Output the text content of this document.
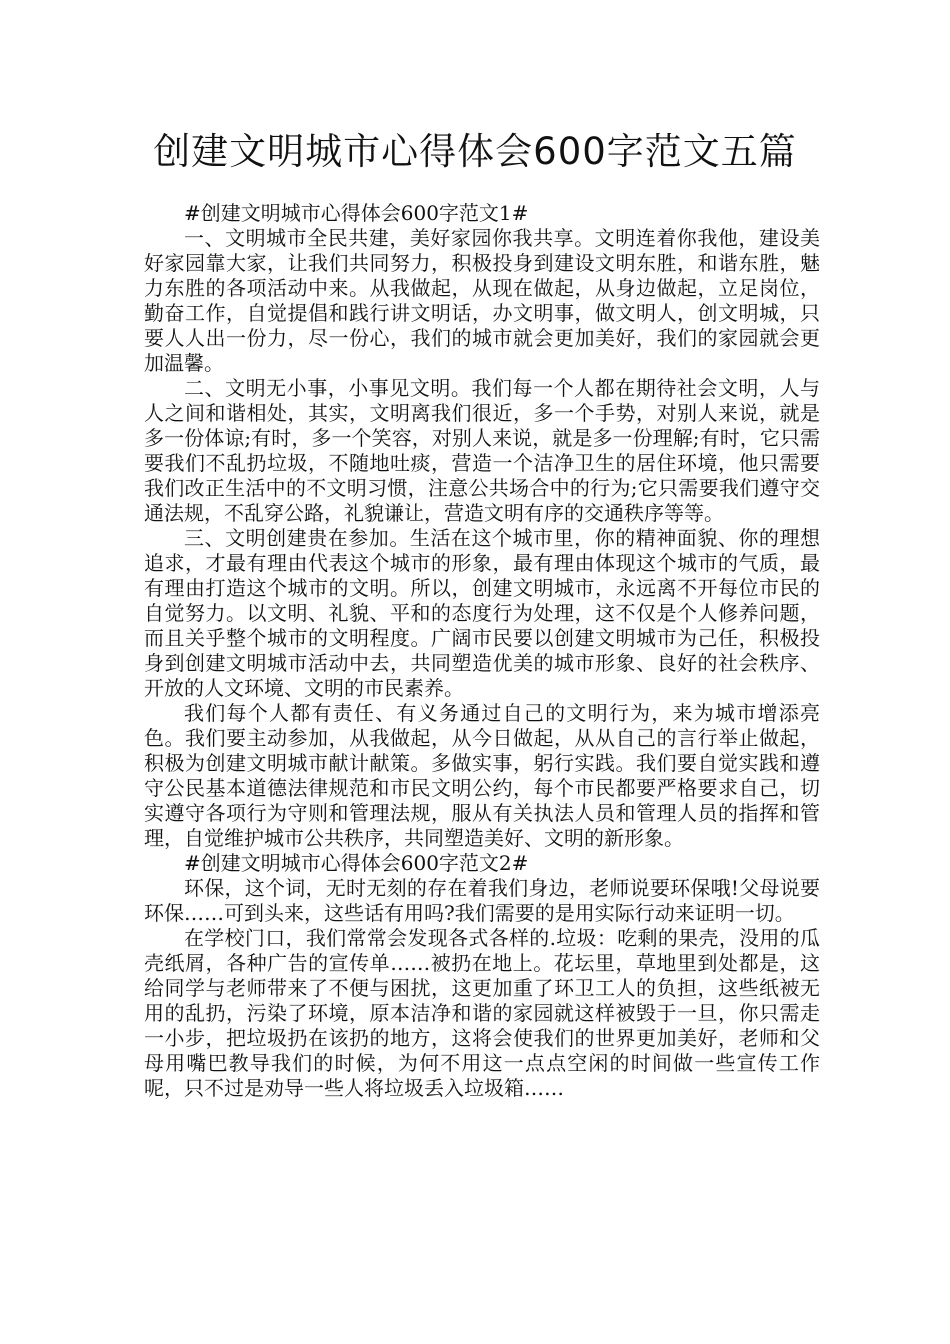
创建文明城市心得体会600字范文五篇

#创建文明城市心得体会600字范文1#

一、文明城市全民共建，美好家园你我共享。文明连着你我他，建设美好家园靠大家，让我们共同努力，积极投身到建设文明东胜，和谐东胜，魅力东胜的各项活动中来。从我做起，从现在做起，从身边做起，立足岗位，勤奋工作，自觉提倡和践行讲文明话，办文明事，做文明人，创文明城，只要人人出一份力，尽一份心，我们的城市就会更加美好，我们的家园就会更加温馨。

二、文明无小事，小事见文明。我们每一个人都在期待社会文明，人与人之间和谐相处，其实，文明离我们很近，多一个手势，对别人来说，就是多一份体谅;有时，多一个笑容，对别人来说，就是多一份理解;有时，它只需要我们不乱扔垃圾，不随地吐痰，营造一个洁净卫生的居住环境，他只需要我们改正生活中的不文明习惯，注意公共场合中的行为;它只需要我们遵守交通法规，不乱穿公路，礼貌谦让，营造文明有序的交通秩序等等。

三、文明创建贵在参加。生活在这个城市里，你的精神面貌、你的理想追求，才最有理由代表这个城市的形象，最有理由体现这个城市的气质，最有理由打造这个城市的文明。所以，创建文明城市，永远离不开每位市民的自觉努力。以文明、礼貌、平和的态度行为处理，这不仅是个人修养问题，而且关乎整个城市的文明程度。广阔市民要以创建文明城市为己任，积极投身到创建文明城市活动中去，共同塑造优美的城市形象、良好的社会秩序、开放的人文环境、文明的市民素养。

我们每个人都有责任、有义务通过自己的文明行为，来为城市增添亮色。我们要主动参加，从我做起，从今日做起，从从自己的言行举止做起，积极为创建文明城市献计献策。多做实事，躬行实践。我们要自觉实践和遵守公民基本道德法律规范和市民文明公约，每个市民都要严格要求自己，切实遵守各项行为守则和管理法规，服从有关执法人员和管理人员的指挥和管理，自觉维护城市公共秩序，共同塑造美好、文明的新形象。

#创建文明城市心得体会600字范文2#

环保，这个词，无时无刻的存在着我们身边，老师说要环保哦!父母说要环保……可到头来，这些话有用吗?我们需要的是用实际行动来证明一切。

在学校门口，我们常常会发现各式各样的.垃圾：吃剩的果壳，没用的瓜壳纸屑，各种广告的宣传单……被扔在地上。花坛里，草地里到处都是，这给同学与老师带来了不便与困扰，这更加重了环卫工人的负担，这些纸被无用的乱扔，污染了环境，原本洁净和谐的家园就这样被毁于一旦，你只需走一小步，把垃圾扔在该扔的地方，这将会使我们的世界更加美好，老师和父母用嘴巴教导我们的时候，为何不用这一点点空闲的时间做一些宣传工作呢，只不过是劝导一些人将垃圾丢入垃圾箱……
